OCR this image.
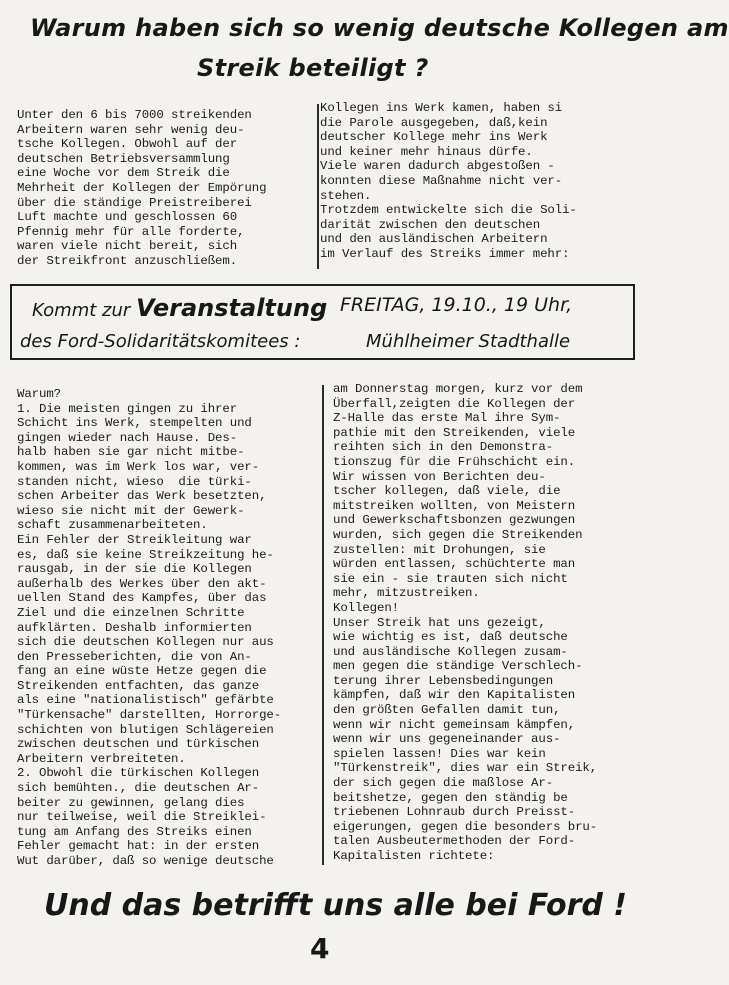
Warum haben sich so wenig deutsche Kollegen am
Streik beteiligt ?
Unter den 6 bis 7000 streikenden
Arbeitern waren sehr wenig deu-
tsche Kollegen. Obwohl auf der
deutschen Betriebsversammlung
eine Woche vor dem Streik die
Mehrheit der Kollegen der Empörung
über die ständige Preistreiberei
Luft machte und geschlossen 60
Pfennig mehr für alle forderte,
waren viele nicht bereit, sich
der Streikfront anzuschließem.
Kollegen ins Werk kamen, haben si
die Parole ausgegeben, daß,kein
deutscher Kollege mehr ins Werk
und keiner mehr hinaus dürfe.
Viele waren dadurch abgestoßen -
konnten diese Maßnahme nicht ver-
stehen.
Trotzdem entwickelte sich die Soli-
darität zwischen den deutschen
und den ausländischen Arbeitern
im Verlauf des Streiks immer mehr:
Kommt zur Veranstaltung FREITAG, 19.10., 19 Uhr,
des Ford-Solidaritätskomitees :	Mühlheimer Stadthalle
Warum?
1. Die meisten gingen zu ihrer
Schicht ins Werk, stempelten und
gingen wieder nach Hause. Des-
halb haben sie gar nicht mitbe-
kommen, was im Werk los war, ver-
standen nicht, wieso  die türki-
schen Arbeiter das Werk besetzten,
wieso sie nicht mit der Gewerk-
schaft zusammenarbeiteten.
Ein Fehler der Streikleitung war
es, daß sie keine Streikzeitung he-
rausgab, in der sie die Kollegen
außerhalb des Werkes über den akt-
uellen Stand des Kampfes, über das
Ziel und die einzelnen Schritte
aufklärten. Deshalb informierten
sich die deutschen Kollegen nur aus
den Presseberichten, die von An-
fang an eine wüste Hetze gegen die
Streikenden entfachten, das ganze
als eine "nationalistisch" gefärbte
"Türkensache" darstellten, Horrorge-
schichten von blutigen Schlägereien
zwischen deutschen und türkischen
Arbeitern verbreiteten.
2. Obwohl die türkischen Kollegen
sich bemühten., die deutschen Ar-
beiter zu gewinnen, gelang dies
nur teilweise, weil die Streiklei-
tung am Anfang des Streiks einen
Fehler gemacht hat: in der ersten
Wut darüber, daß so wenige deutsche
am Donnerstag morgen, kurz vor dem
Überfall,zeigten die Kollegen der
Z-Halle das erste Mal ihre Sym-
pathie mit den Streikenden, viele
reihten sich in den Demonstra-
tionszug für die Frühschicht ein.
Wir wissen von Berichten deu-
tscher kollegen, daß viele, die
mitstreiken wollten, von Meistern
und Gewerkschaftsbonzen gezwungen
wurden, sich gegen die Streikenden
zustellen: mit Drohungen, sie
würden entlassen, schüchterte man
sie ein - sie trauten sich nicht
mehr, mitzustreiken.
Kollegen!
Unser Streik hat uns gezeigt,
wie wichtig es ist, daß deutsche
und ausländische Kollegen zusam-
men gegen die ständige Verschlech-
terung ihrer Lebensbedingungen
kämpfen, daß wir den Kapitalisten
den größten Gefallen damit tun,
wenn wir nicht gemeinsam kämpfen,
wenn wir uns gegeneinander aus-
spielen lassen! Dies war kein
"Türkenstreik", dies war ein Streik,
der sich gegen die maßlose Ar-
beitshetze, gegen den ständig be
triebenen Lohnraub durch Preisst-
eigerungen, gegen die besonders bru-
talen Ausbeutermethoden der Ford-
Kapitalisten richtete:
Und das betrifft uns alle bei Ford !
4
